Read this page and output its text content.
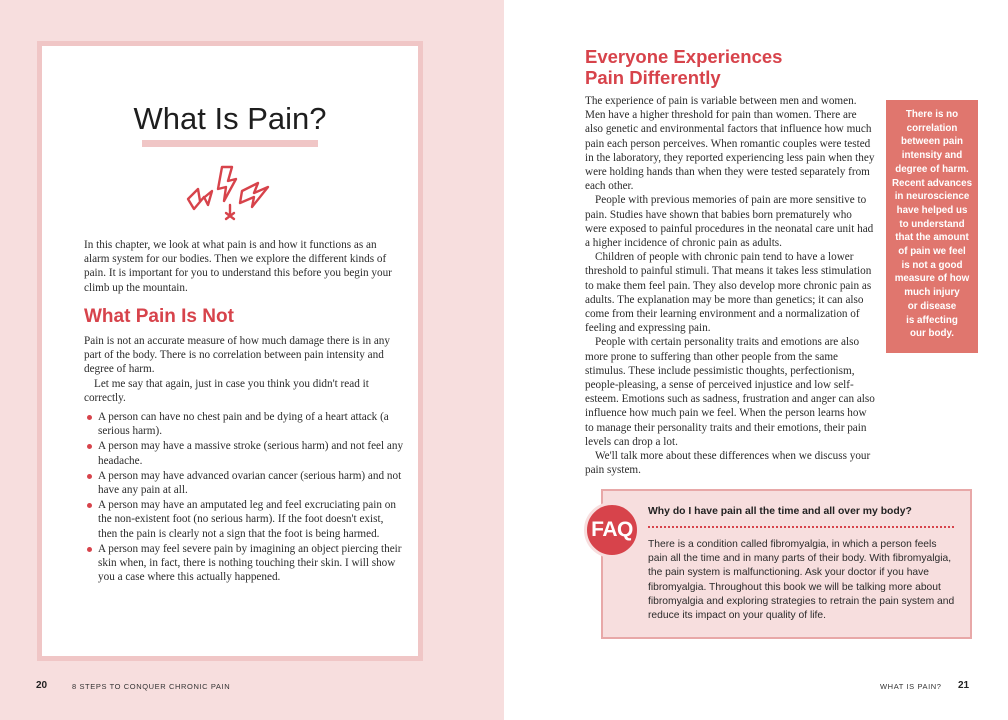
What Is Pain?
In this chapter, we look at what pain is and how it functions as an alarm system for our bodies. Then we explore the different kinds of pain. It is important for you to understand this before you begin your climb up the mountain.
What Pain Is Not

Pain is not an accurate measure of how much damage there is in any part of the body. There is no correlation between pain intensity and degree of harm.

Let me say that again, just in case you think you didn't read it correctly.

A person can have no chest pain and be dying of a heart attack (a serious harm).
A person may have a massive stroke (serious harm) and not feel any headache.
A person may have advanced ovarian cancer (serious harm) and not have any pain at all.
A person may have an amputated leg and feel excruciating pain on the non-existent foot (no serious harm). If the foot doesn't exist, then the pain is clearly not a sign that the foot is being harmed.
A person may feel severe pain by imagining an object piercing their skin when, in fact, there is nothing touching their skin. I will show you a case where this actually happened.
20	8 STEPS TO CONQUER CHRONIC PAIN
Everyone Experiences
Pain Differently

The experience of pain is variable between men and women. Men have a higher threshold for pain than women. There are also genetic and environmental factors that influence how much pain each person perceives. When romantic couples were tested in the laboratory, they reported experiencing less pain when they were holding hands than when they were tested separately from each other.

People with previous memories of pain are more sensitive to pain. Studies have shown that babies born prematurely who were exposed to painful procedures in the neonatal care unit had a higher incidence of chronic pain as adults.

Children of people with chronic pain tend to have a lower threshold to painful stimuli. That means it takes less stimulation to make them feel pain. They also develop more chronic pain as adults. The explanation may be more than genetics; it can also come from their learning environment and a normalization of feeling and expressing pain.

People with certain personality traits and emotions are also more prone to suffering than other people from the same stimulus. These include pessimistic thoughts, perfectionism, people-pleasing, a sense of perceived injustice and low self-esteem. Emotions such as sadness, frustration and anger can also influence how much pain we feel. When the person learns how to manage their personality traits and their emotions, their pain levels can drop a lot.

We'll talk more about these differences when we discuss your pain system.

There is no
correlation
between pain
intensity and
degree of harm.
Recent advances
in neuroscience
have helped us
to understand
that the amount
of pain we feel
is not a good
measure of how
much injury
or disease
is affecting
our body.
FAQ
Why do I have pain all the time and all over my body?
There is a condition called fibromyalgia, in which a person feels pain all the time and in many parts of their body. With fibromyalgia, the pain system is malfunctioning. Ask your doctor if you have fibromyalgia. Throughout this book we will be talking more about fibromyalgia and exploring strategies to retrain the pain system and reduce its impact on your quality of life.
WHAT IS PAIN? 21
